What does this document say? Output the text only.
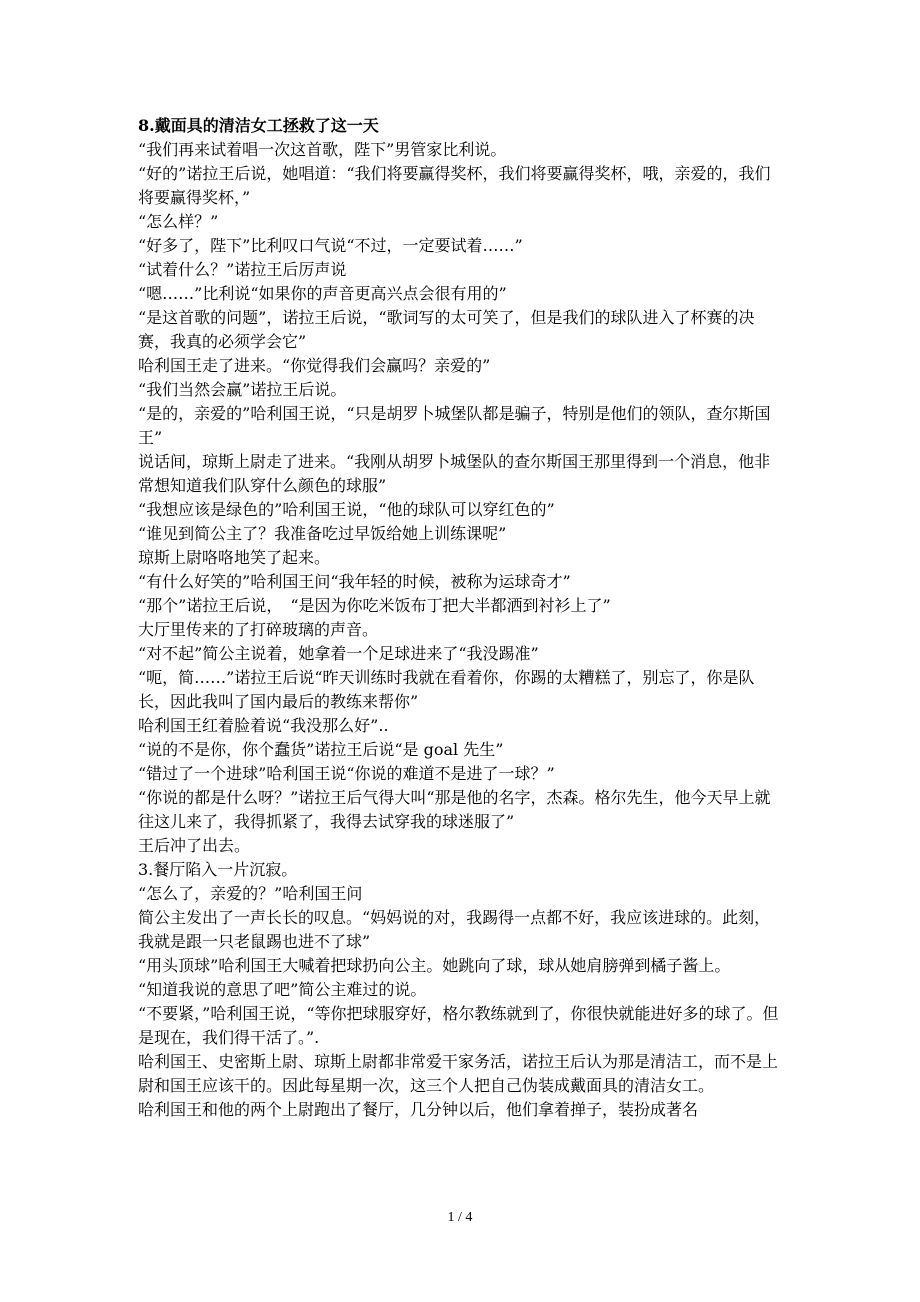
8.戴面具的清洁女工拯救了这一天

“我们再来试着唱一次这首歌，陛下”男管家比利说。

“好的”诺拉王后说，她唱道：“我们将要赢得奖杯，我们将要赢得奖杯，哦，亲爱的，我们将要赢得奖杯，”

“怎么样？”

“好多了，陛下”比利叹口气说“不过，一定要试着……”

“试着什么？”诺拉王后厉声说

“嗯……”比利说“如果你的声音更高兴点会很有用的”

“是这首歌的问题”，诺拉王后说，“歌词写的太可笑了，但是我们的球队进入了杯赛的决赛，我真的必须学会它”

哈利国王走了进来。“你觉得我们会赢吗？亲爱的”

“我们当然会赢”诺拉王后说。

“是的，亲爱的”哈利国王说，“只是胡罗卜城堡队都是骗子，特别是他们的领队，查尔斯国王”

说话间，琼斯上尉走了进来。“我刚从胡罗卜城堡队的查尔斯国王那里得到一个消息，他非常想知道我们队穿什么颜色的球服”

“我想应该是绿色的”哈利国王说，“他的球队可以穿红色的”

“谁见到简公主了？我准备吃过早饭给她上训练课呢”

琼斯上尉咯咯地笑了起来。

“有什么好笑的”哈利国王问“我年轻的时候，被称为运球奇才”

“那个”诺拉王后说，　“是因为你吃米饭布丁把大半都洒到衬衫上了”

大厅里传来的了打碎玻璃的声音。

“对不起”简公主说着，她拿着一个足球进来了“我没踢准”

“呃，简……”诺拉王后说“昨天训练时我就在看着你，你踢的太糟糕了，别忘了，你是队长，因此我叫了国内最后的教练来帮你”

哈利国王红着脸着说“我没那么好”..

“说的不是你，你个蠢货”诺拉王后说“是 goal 先生”

“错过了一个进球”哈利国王说“你说的难道不是进了一球？”

“你说的都是什么呀？”诺拉王后气得大叫“那是他的名字，杰森。格尔先生，他今天早上就往这儿来了，我得抓紧了，我得去试穿我的球迷服了”

王后冲了出去。

3.餐厅陷入一片沉寂。

“怎么了，亲爱的？”哈利国王问

简公主发出了一声长长的叹息。“妈妈说的对，我踢得一点都不好，我应该进球的。此刻，我就是跟一只老鼠踢也进不了球”

“用头顶球”哈利国王大喊着把球扔向公主。她跳向了球，球从她肩膀弹到橘子酱上。

“知道我说的意思了吧”简公主难过的说。

“不要紧，”哈利国王说，“等你把球服穿好，格尔教练就到了，你很快就能进好多的球了。但是现在，我们得干活了。”.

哈利国王、史密斯上尉、琼斯上尉都非常爱干家务活，诺拉王后认为那是清洁工，而不是上尉和国王应该干的。因此每星期一次，这三个人把自己伪装成戴面具的清洁女工。

哈利国王和他的两个上尉跑出了餐厅，几分钟以后，他们拿着掸子，装扮成著名

1 / 4
